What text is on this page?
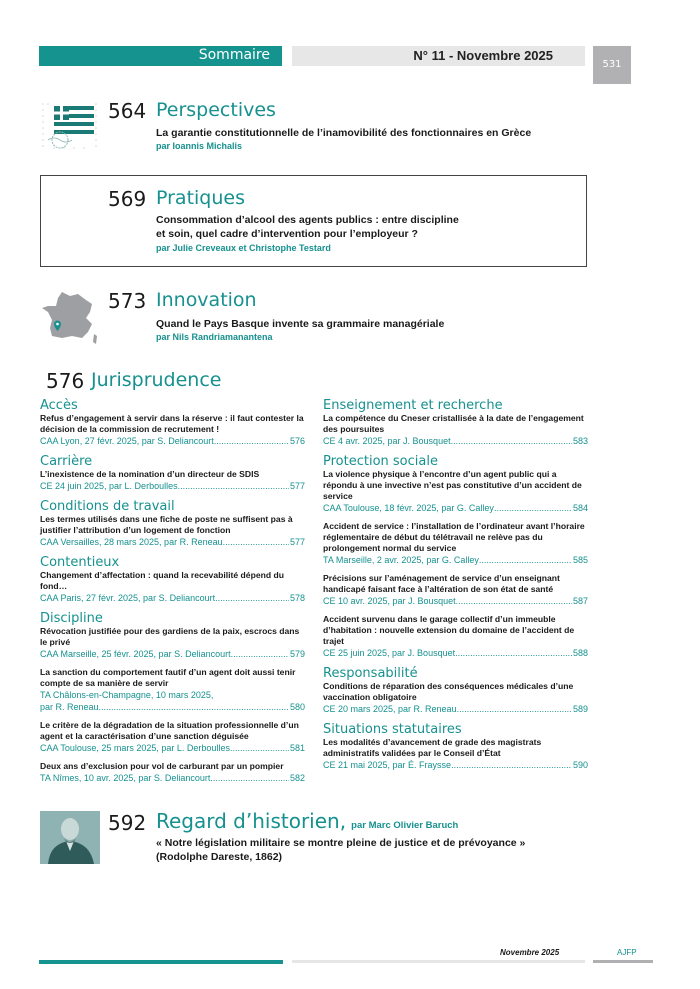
Sommaire	N° 11 - Novembre 2025
531
564 Perspectives
La garantie constitutionnelle de l’inamovibilité des fonctionnaires en Grèce
par Ioannis Michalis
569 Pratiques
Consommation d’alcool des agents publics : entre discipline
et soin, quel cadre d’intervention pour l’employeur ?
par Julie Creveaux et Christophe Testard
573 Innovation
Quand le Pays Basque invente sa grammaire managériale
par Nils Randriamanantena
576 Jurisprudence
Accès
Refus d’engagement à servir dans la réserve : il faut contester la décision de la commission de recrutement !
CAA Lyon, 27 févr. 2025, par S. Deliancourt .....	576
Carrière
L’inexistence de la nomination d’un directeur de SDIS
CE 24 juin 2025, par L. Derboulles .....	577
Conditions de travail
Les termes utilisés dans une fiche de poste ne suffisent pas à justifier l’attribution d’un logement de fonction
CAA Versailles, 28 mars 2025, par R. Reneau .....	577
Contentieux
Changement d’affectation : quand la recevabilité dépend du fond…
CAA Paris, 27 févr. 2025, par S. Deliancourt .....	578
Discipline
Révocation justifiée pour des gardiens de la paix, escrocs dans le privé
CAA Marseille, 25 févr. 2025, par S. Deliancourt .....	579
La sanction du comportement fautif d’un agent doit aussi tenir compte de sa manière de servir
TA Châlons-en-Champagne, 10 mars 2025,
par R. Reneau .....	580
Le critère de la dégradation de la situation professionnelle d’un agent et la caractérisation d’une sanction déguisée
CAA Toulouse, 25 mars 2025, par L. Derboulles .....	581
Deux ans d’exclusion pour vol de carburant par un pompier
TA Nîmes, 10 avr. 2025, par S. Deliancourt .....	582
Enseignement et recherche
La compétence du Cneser cristallisée à la date de l’engagement des poursuites
CE 4 avr. 2025, par J. Bousquet .....	583
Protection sociale
La violence physique à l’encontre d’un agent public qui a répondu à une invective n’est pas constitutive d’un accident de service
CAA Toulouse, 18 févr. 2025, par G. Calley .....	584
Accident de service : l’installation de l’ordinateur avant l’horaire réglementaire de début du télétravail ne relève pas du prolongement normal du service
TA Marseille, 2 avr. 2025, par G. Calley .....	585
Précisions sur l’aménagement de service d’un enseignant handicapé faisant face à l’altération de son état de santé
CE 10 avr. 2025, par J. Bousquet .....	587
Accident survenu dans le garage collectif d’un immeuble d’habitation : nouvelle extension du domaine de l’accident de trajet
CE 25 juin 2025, par J. Bousquet .....	588
Responsabilité
Conditions de réparation des conséquences médicales d’une vaccination obligatoire
CE 20 mars 2025, par R. Reneau .....	589
Situations statutaires
Les modalités d’avancement de grade des magistrats administratifs validées par le Conseil d’État
CE 21 mai 2025, par É. Fraysse .....	590
592 Regard d’historien, par Marc Olivier Baruch
« Notre législation militaire se montre pleine de justice et de prévoyance »
(Rodolphe Dareste, 1862)
Novembre 2025	AJFP
